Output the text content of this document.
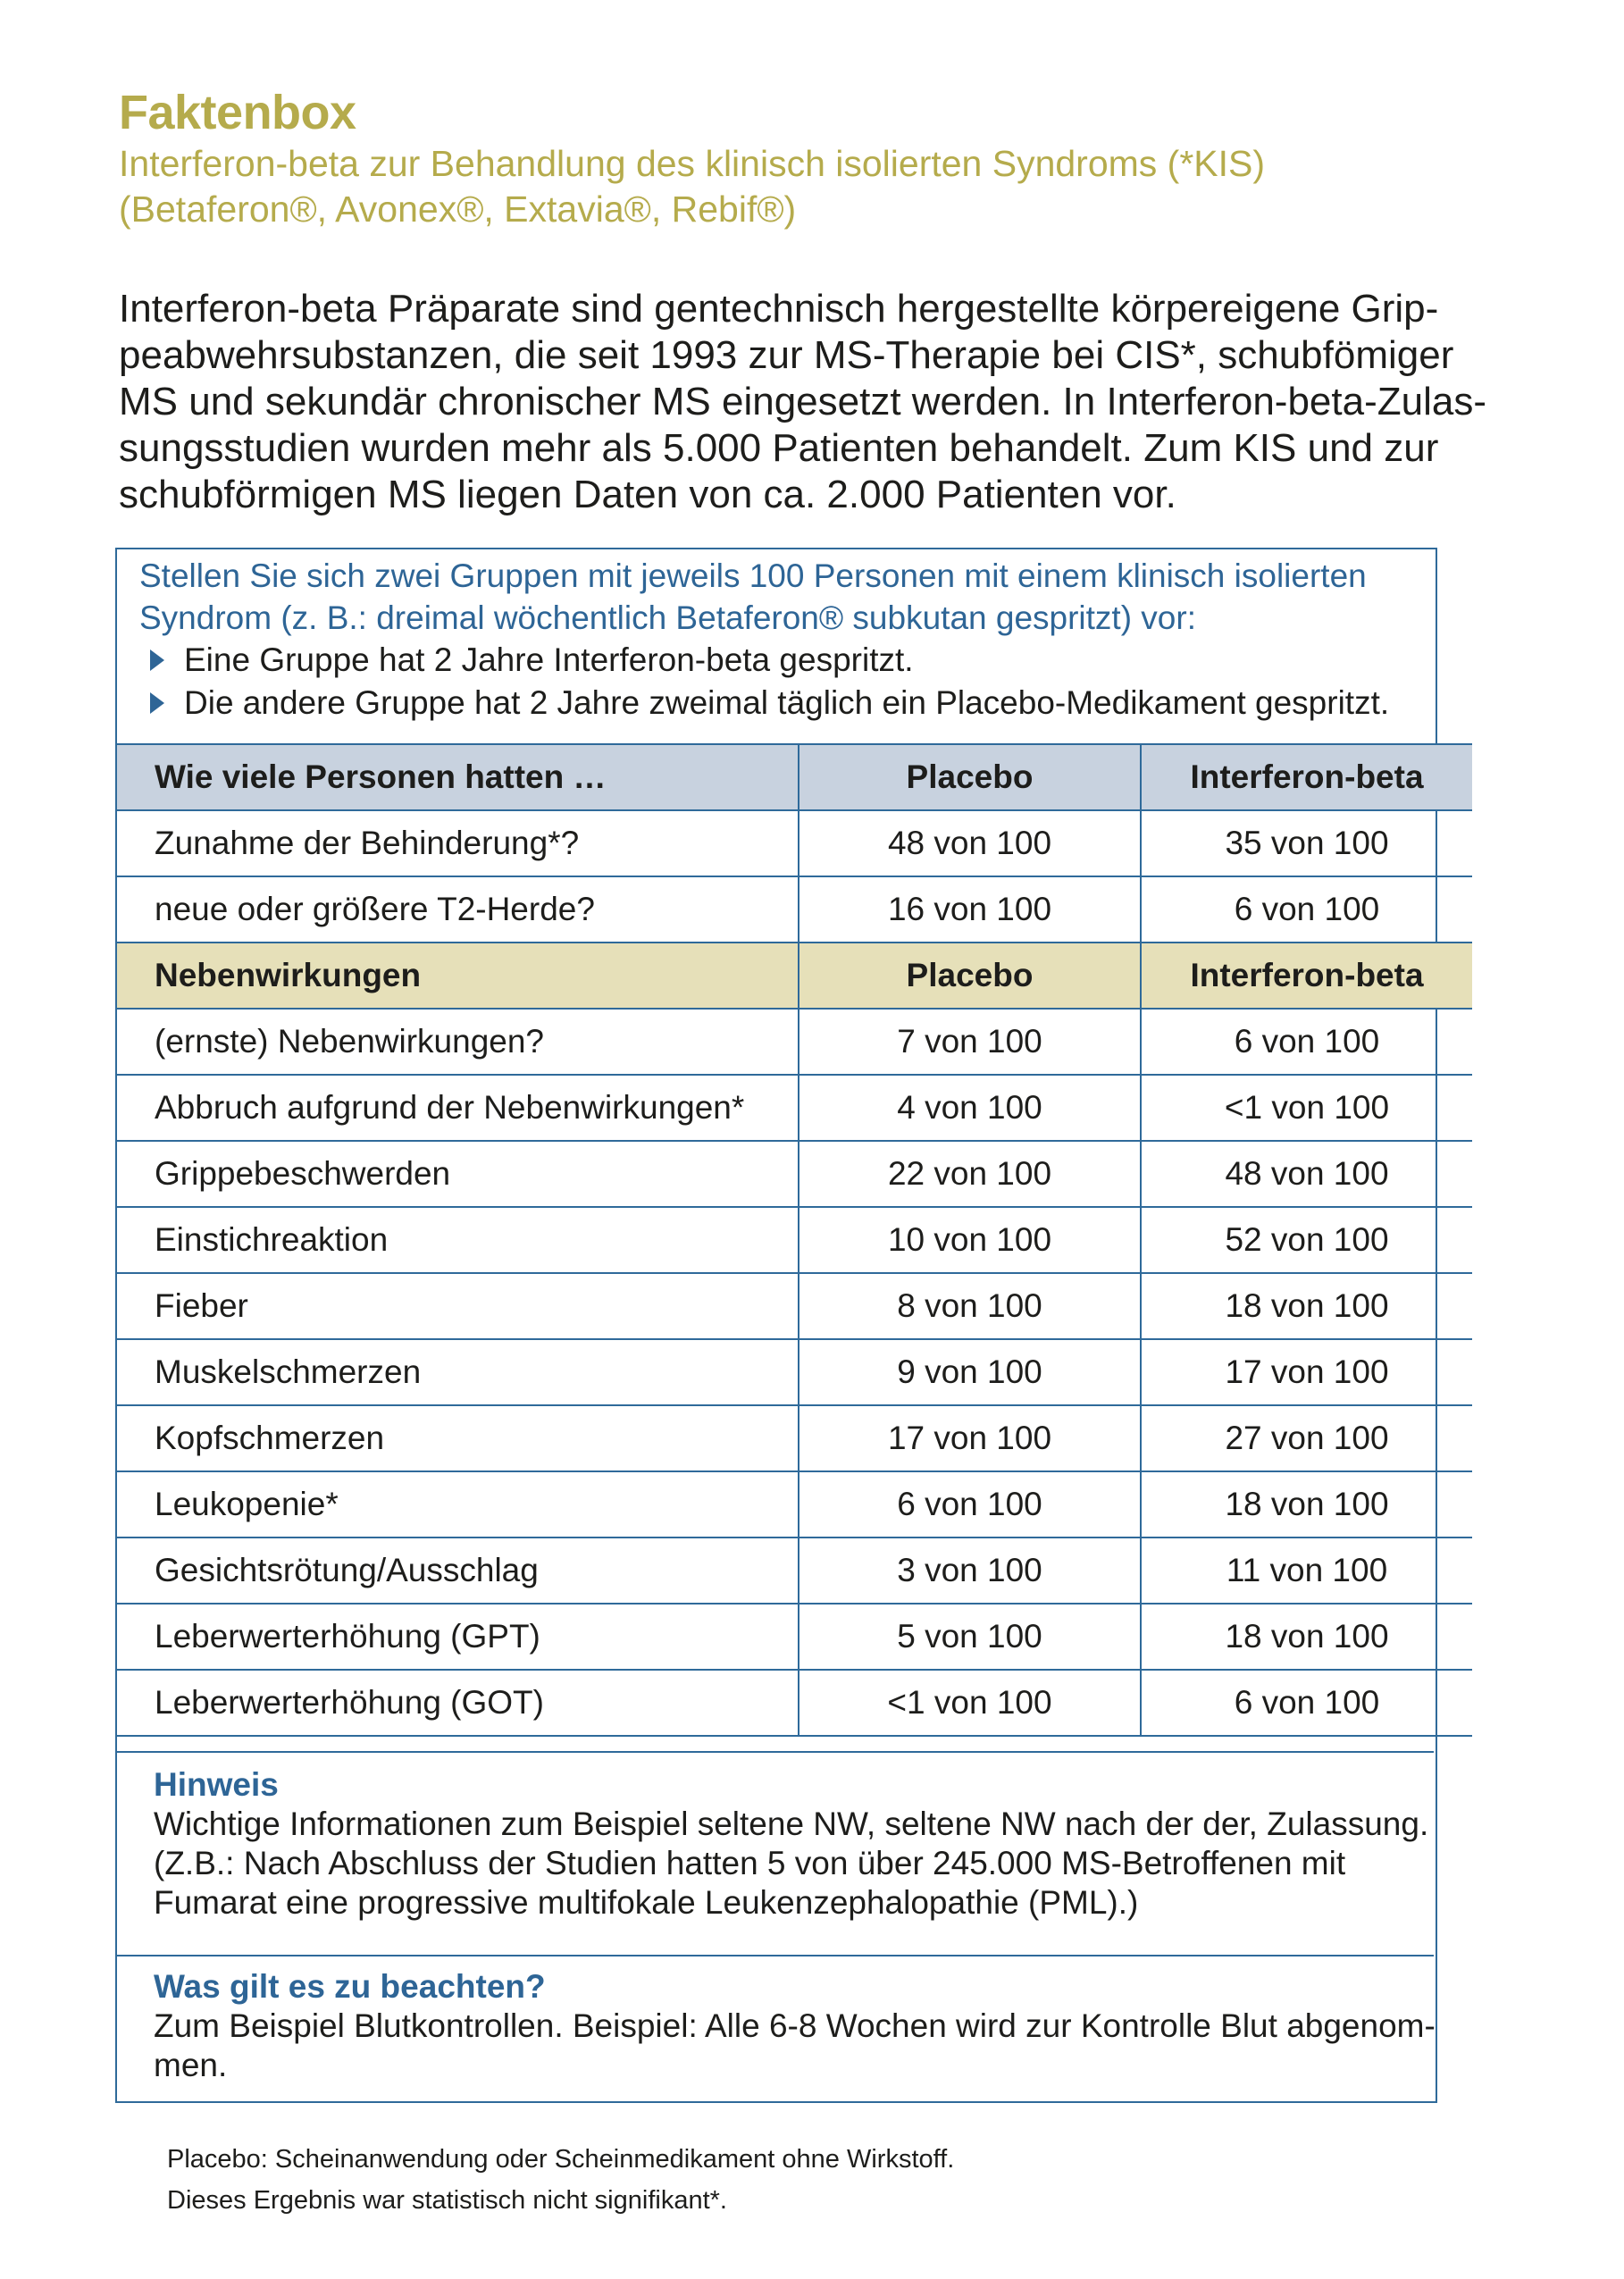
Faktenbox
Interferon-beta zur Behandlung des klinisch isolierten Syndroms (*KIS)
(Betaferon®, Avonex®, Extavia®, Rebif®)
Interferon-beta Präparate sind gentechnisch hergestellte körpereigene Grip-
peabwehrsubstanzen, die seit 1993 zur MS-Therapie bei CIS*, schubfömiger
MS und sekundär chronischer MS eingesetzt werden. In Interferon-beta-Zulas-
sungsstudien wurden mehr als 5.000 Patienten behandelt. Zum KIS und zur
schubförmigen MS liegen Daten von ca. 2.000 Patienten vor.
Stellen Sie sich zwei Gruppen mit jeweils 100 Personen mit einem klinisch isolierten
Syndrom (z. B.: dreimal wöchentlich Betaferon® subkutan gespritzt) vor:
Eine Gruppe hat 2 Jahre Interferon-beta gespritzt.
Die andere Gruppe hat 2 Jahre zweimal täglich ein Placebo-Medikament gespritzt.
Wie viele Personen hatten …	Placebo	Interferon-beta
Zunahme der Behinderung*?	48 von 100	35 von 100
neue oder größere T2-Herde?	16 von 100	6 von 100
Nebenwirkungen	Placebo	Interferon-beta
(ernste) Nebenwirkungen?	7 von 100	6 von 100
Abbruch aufgrund der Nebenwirkungen*	4 von 100	<1 von 100
Grippebeschwerden	22 von 100	48 von 100
Einstichreaktion	10 von 100	52 von 100
Fieber	8 von 100	18 von 100
Muskelschmerzen	9 von 100	17 von 100
Kopfschmerzen	17 von 100	27 von 100
Leukopenie*	6 von 100	18 von 100
Gesichtsrötung/Ausschlag	3 von 100	11 von 100
Leberwerterhöhung (GPT)	5 von 100	18 von 100
Leberwerterhöhung (GOT)	<1 von 100	6 von 100
Hinweis
Wichtige Informationen zum Beispiel seltene NW, seltene NW nach der der, Zulassung.
(Z.B.: Nach Abschluss der Studien hatten 5 von über 245.000 MS-Betroffenen mit
Fumarat eine progressive multifokale Leukenzephalopathie (PML).)
Was gilt es zu beachten?
Zum Beispiel Blutkontrollen. Beispiel: Alle 6-8 Wochen wird zur Kontrolle Blut abgenom-
men.
Placebo: Scheinanwendung oder Scheinmedikament ohne Wirkstoff.
Dieses Ergebnis war statistisch nicht signifikant*.
